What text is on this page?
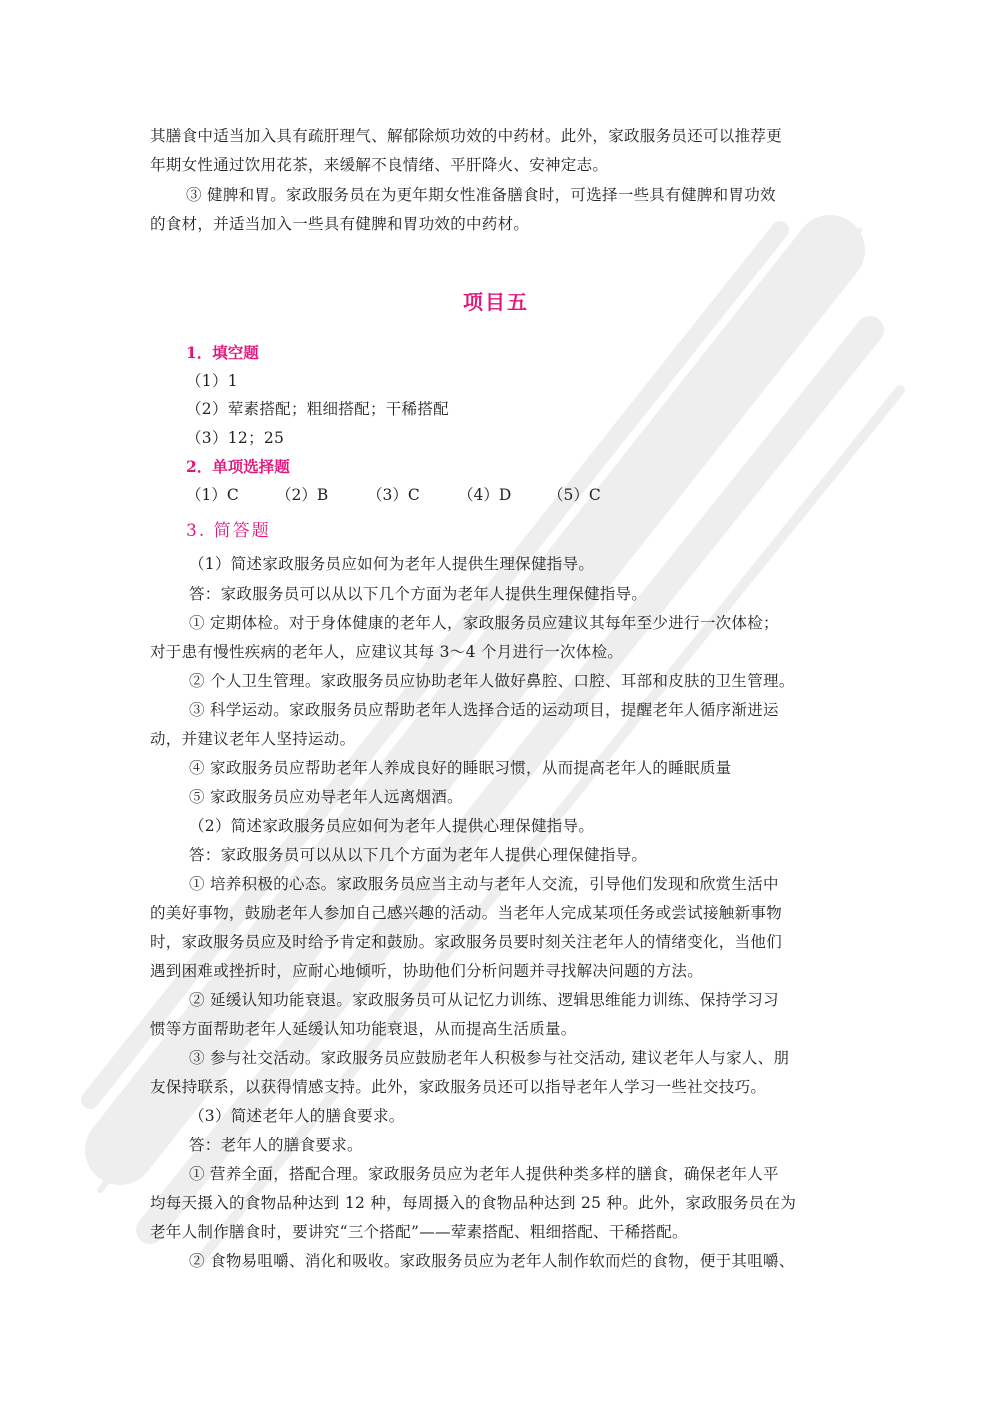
其膳食中适当加入具有疏肝理气、解郁除烦功效的中药材。此外，家政服务员还可以推荐更
年期女性通过饮用花茶，来缓解不良情绪、平肝降火、安神定志。
③ 健脾和胃。家政服务员在为更年期女性准备膳食时，可选择一些具有健脾和胃功效
的食材，并适当加入一些具有健脾和胃功效的中药材。
项目五
1．填空题
（1）1
（2）荤素搭配；粗细搭配；干稀搭配
（3）12；25
2．单项选择题
（1）C （2）B （3）C （4）D （5）C
3. 简答题
（1）简述家政服务员应如何为老年人提供生理保健指导。
答：家政服务员可以从以下几个方面为老年人提供生理保健指导。
① 定期体检。对于身体健康的老年人，家政服务员应建议其每年至少进行一次体检；
对于患有慢性疾病的老年人，应建议其每 3～4 个月进行一次体检。
② 个人卫生管理。家政服务员应协助老年人做好鼻腔、口腔、耳部和皮肤的卫生管理。
③ 科学运动。家政服务员应帮助老年人选择合适的运动项目，提醒老年人循序渐进运
动，并建议老年人坚持运动。
④ 家政服务员应帮助老年人养成良好的睡眠习惯，从而提高老年人的睡眠质量
⑤ 家政服务员应劝导老年人远离烟酒。
（2）简述家政服务员应如何为老年人提供心理保健指导。
答：家政服务员可以从以下几个方面为老年人提供心理保健指导。
① 培养积极的心态。家政服务员应当主动与老年人交流，引导他们发现和欣赏生活中
的美好事物，鼓励老年人参加自己感兴趣的活动。当老年人完成某项任务或尝试接触新事物
时，家政服务员应及时给予肯定和鼓励。家政服务员要时刻关注老年人的情绪变化，当他们
遇到困难或挫折时，应耐心地倾听，协助他们分析问题并寻找解决问题的方法。
② 延缓认知功能衰退。家政服务员可从记忆力训练、逻辑思维能力训练、保持学习习
惯等方面帮助老年人延缓认知功能衰退，从而提高生活质量。
③ 参与社交活动。家政服务员应鼓励老年人积极参与社交活动, 建议老年人与家人、朋
友保持联系，以获得情感支持。此外，家政服务员还可以指导老年人学习一些社交技巧。
（3）简述老年人的膳食要求。
答：老年人的膳食要求。
① 营养全面，搭配合理。家政服务员应为老年人提供种类多样的膳食，确保老年人平
均每天摄入的食物品种达到 12 种，每周摄入的食物品种达到 25 种。此外，家政服务员在为
老年人制作膳食时，要讲究“三个搭配”——荤素搭配、粗细搭配、干稀搭配。
② 食物易咀嚼、消化和吸收。家政服务员应为老年人制作软而烂的食物，便于其咀嚼、
